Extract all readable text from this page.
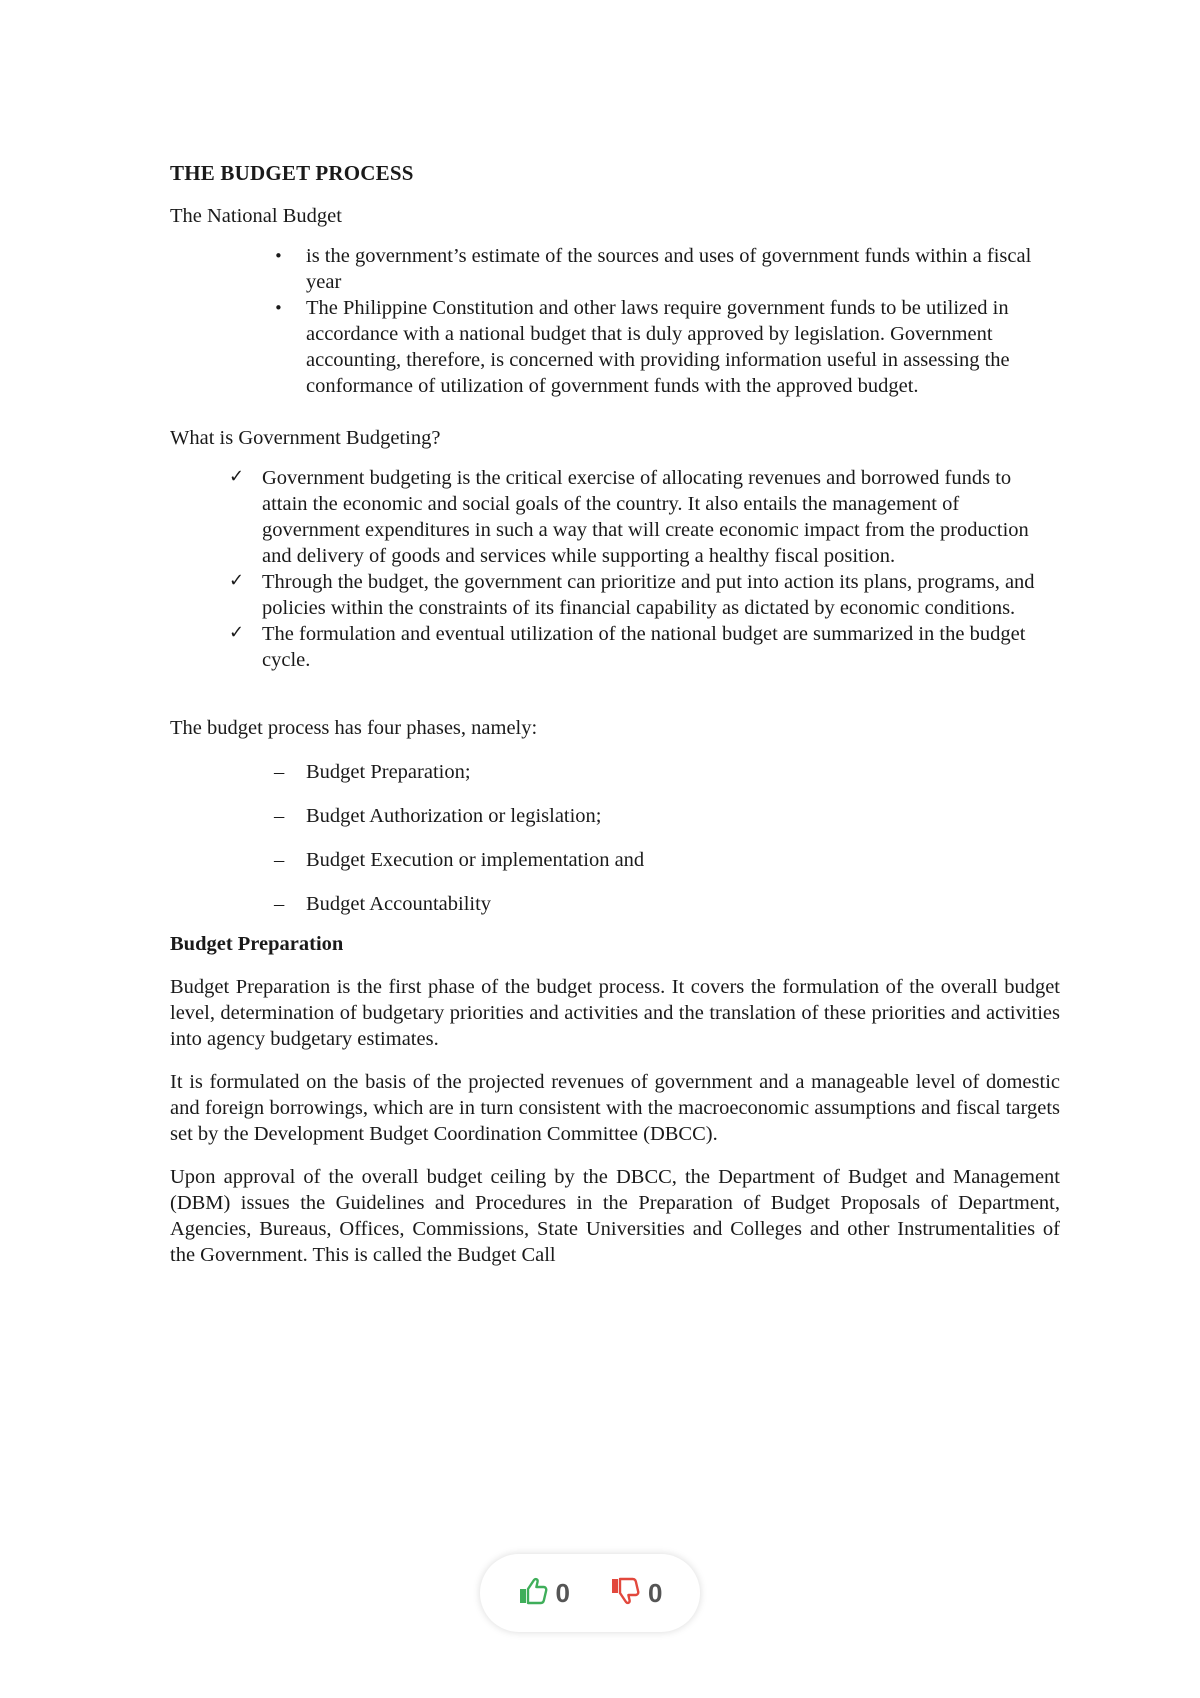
THE BUDGET PROCESS
The National Budget
• is the government’s estimate of the sources and uses of government funds within a fiscal year
• The Philippine Constitution and other laws require government funds to be utilized in accordance with a national budget that is duly approved by legislation. Government accounting, therefore, is concerned with providing information useful in assessing the conformance of utilization of government funds with the approved budget.
What is Government Budgeting?
✓ Government budgeting is the critical exercise of allocating revenues and borrowed funds to attain the economic and social goals of the country. It also entails the management of government expenditures in such a way that will create economic impact from the production and delivery of goods and services while supporting a healthy fiscal position.
✓ Through the budget, the government can prioritize and put into action its plans, programs, and policies within the constraints of its financial capability as dictated by economic conditions.
✓ The formulation and eventual utilization of the national budget are summarized in the budget cycle.
The budget process has four phases, namely:
– Budget Preparation;
– Budget Authorization or legislation;
– Budget Execution or implementation and
– Budget Accountability
Budget Preparation
Budget Preparation is the first phase of the budget process. It covers the formulation of the overall budget level, determination of budgetary priorities and activities and the translation of these priorities and activities into agency budgetary estimates.
It is formulated on the basis of the projected revenues of government and a manageable level of domestic and foreign borrowings, which are in turn consistent with the macroeconomic assumptions and fiscal targets set by the Development Budget Coordination Committee (DBCC).
Upon approval of the overall budget ceiling by the DBCC, the Department of Budget and Management (DBM) issues the Guidelines and Procedures in the Preparation of Budget Proposals of Department, Agencies, Bureaus, Offices, Commissions, State Universities and Colleges and other Instrumentalities of the Government. This is called the Budget Call
0	0
